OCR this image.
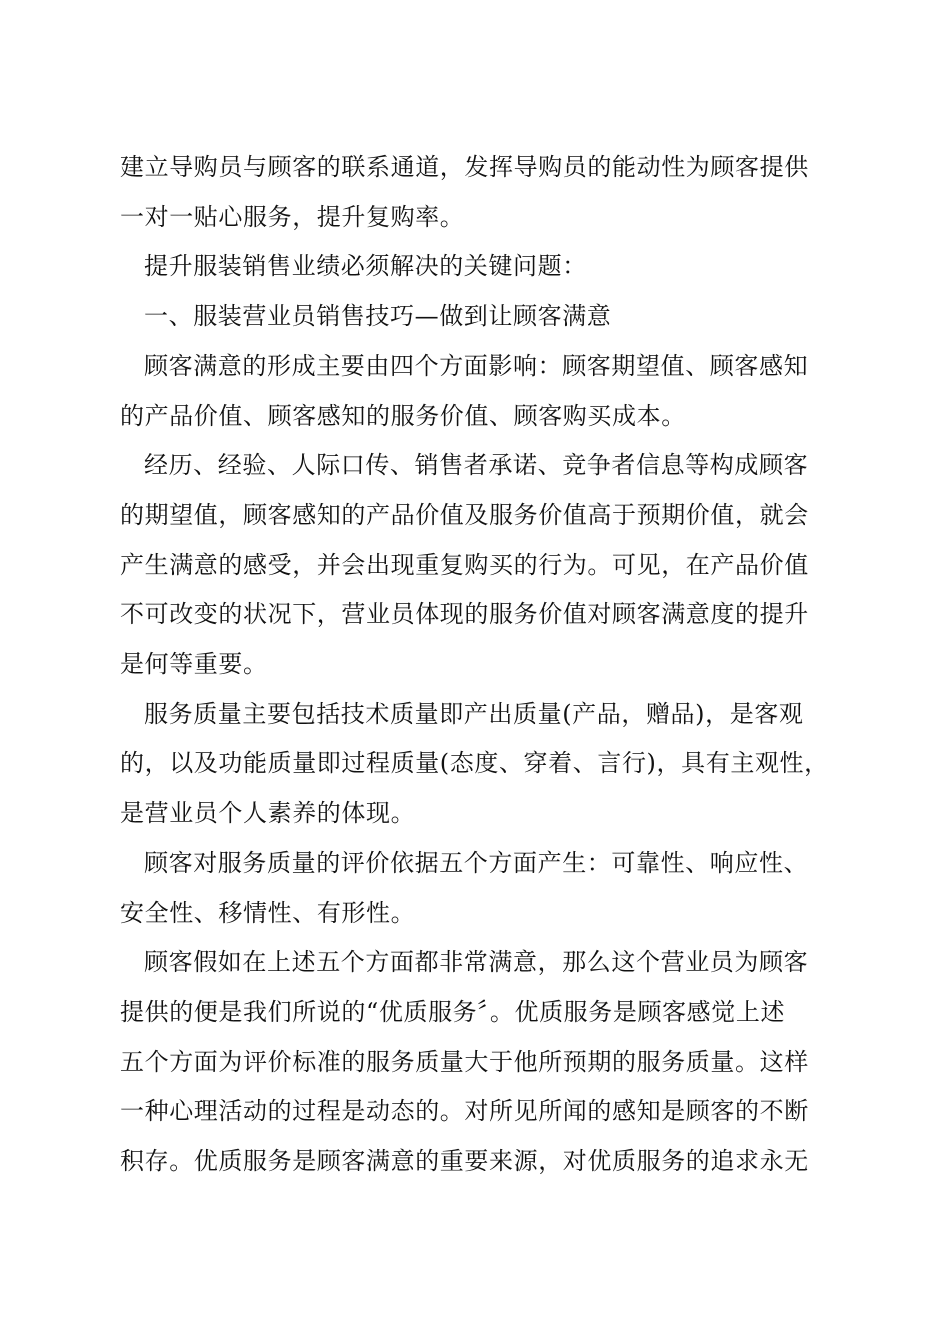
建立导购员与顾客的联系通道，发挥导购员的能动性为顾客提供

一对一贴心服务，提升复购率。

提升服装销售业绩必须解决的关键问题：

一、服装营业员销售技巧—做到让顾客满意

顾客满意的形成主要由四个方面影响：顾客期望值、顾客感知

的产品价值、顾客感知的服务价值、顾客购买成本。

经历、经验、人际口传、销售者承诺、竞争者信息等构成顾客

的期望值，顾客感知的产品价值及服务价值高于预期价值，就会

产生满意的感受，并会出现重复购买的行为。可见，在产品价值

不可改变的状况下，营业员体现的服务价值对顾客满意度的提升

是何等重要。

服务质量主要包括技术质量即产出质量(产品，赠品)，是客观

的，以及功能质量即过程质量(态度、穿着、言行)，具有主观性，

是营业员个人素养的体现。

顾客对服务质量的评价依据五个方面产生：可靠性、响应性、

安全性、移情性、有形性。

顾客假如在上述五个方面都非常满意，那么这个营业员为顾客

提供的便是我们所说的“优质服务〞。优质服务是顾客感觉上述

五个方面为评价标准的服务质量大于他所预期的服务质量。这样

一种心理活动的过程是动态的。对所见所闻的感知是顾客的不断

积存。优质服务是顾客满意的重要来源，对优质服务的追求永无
